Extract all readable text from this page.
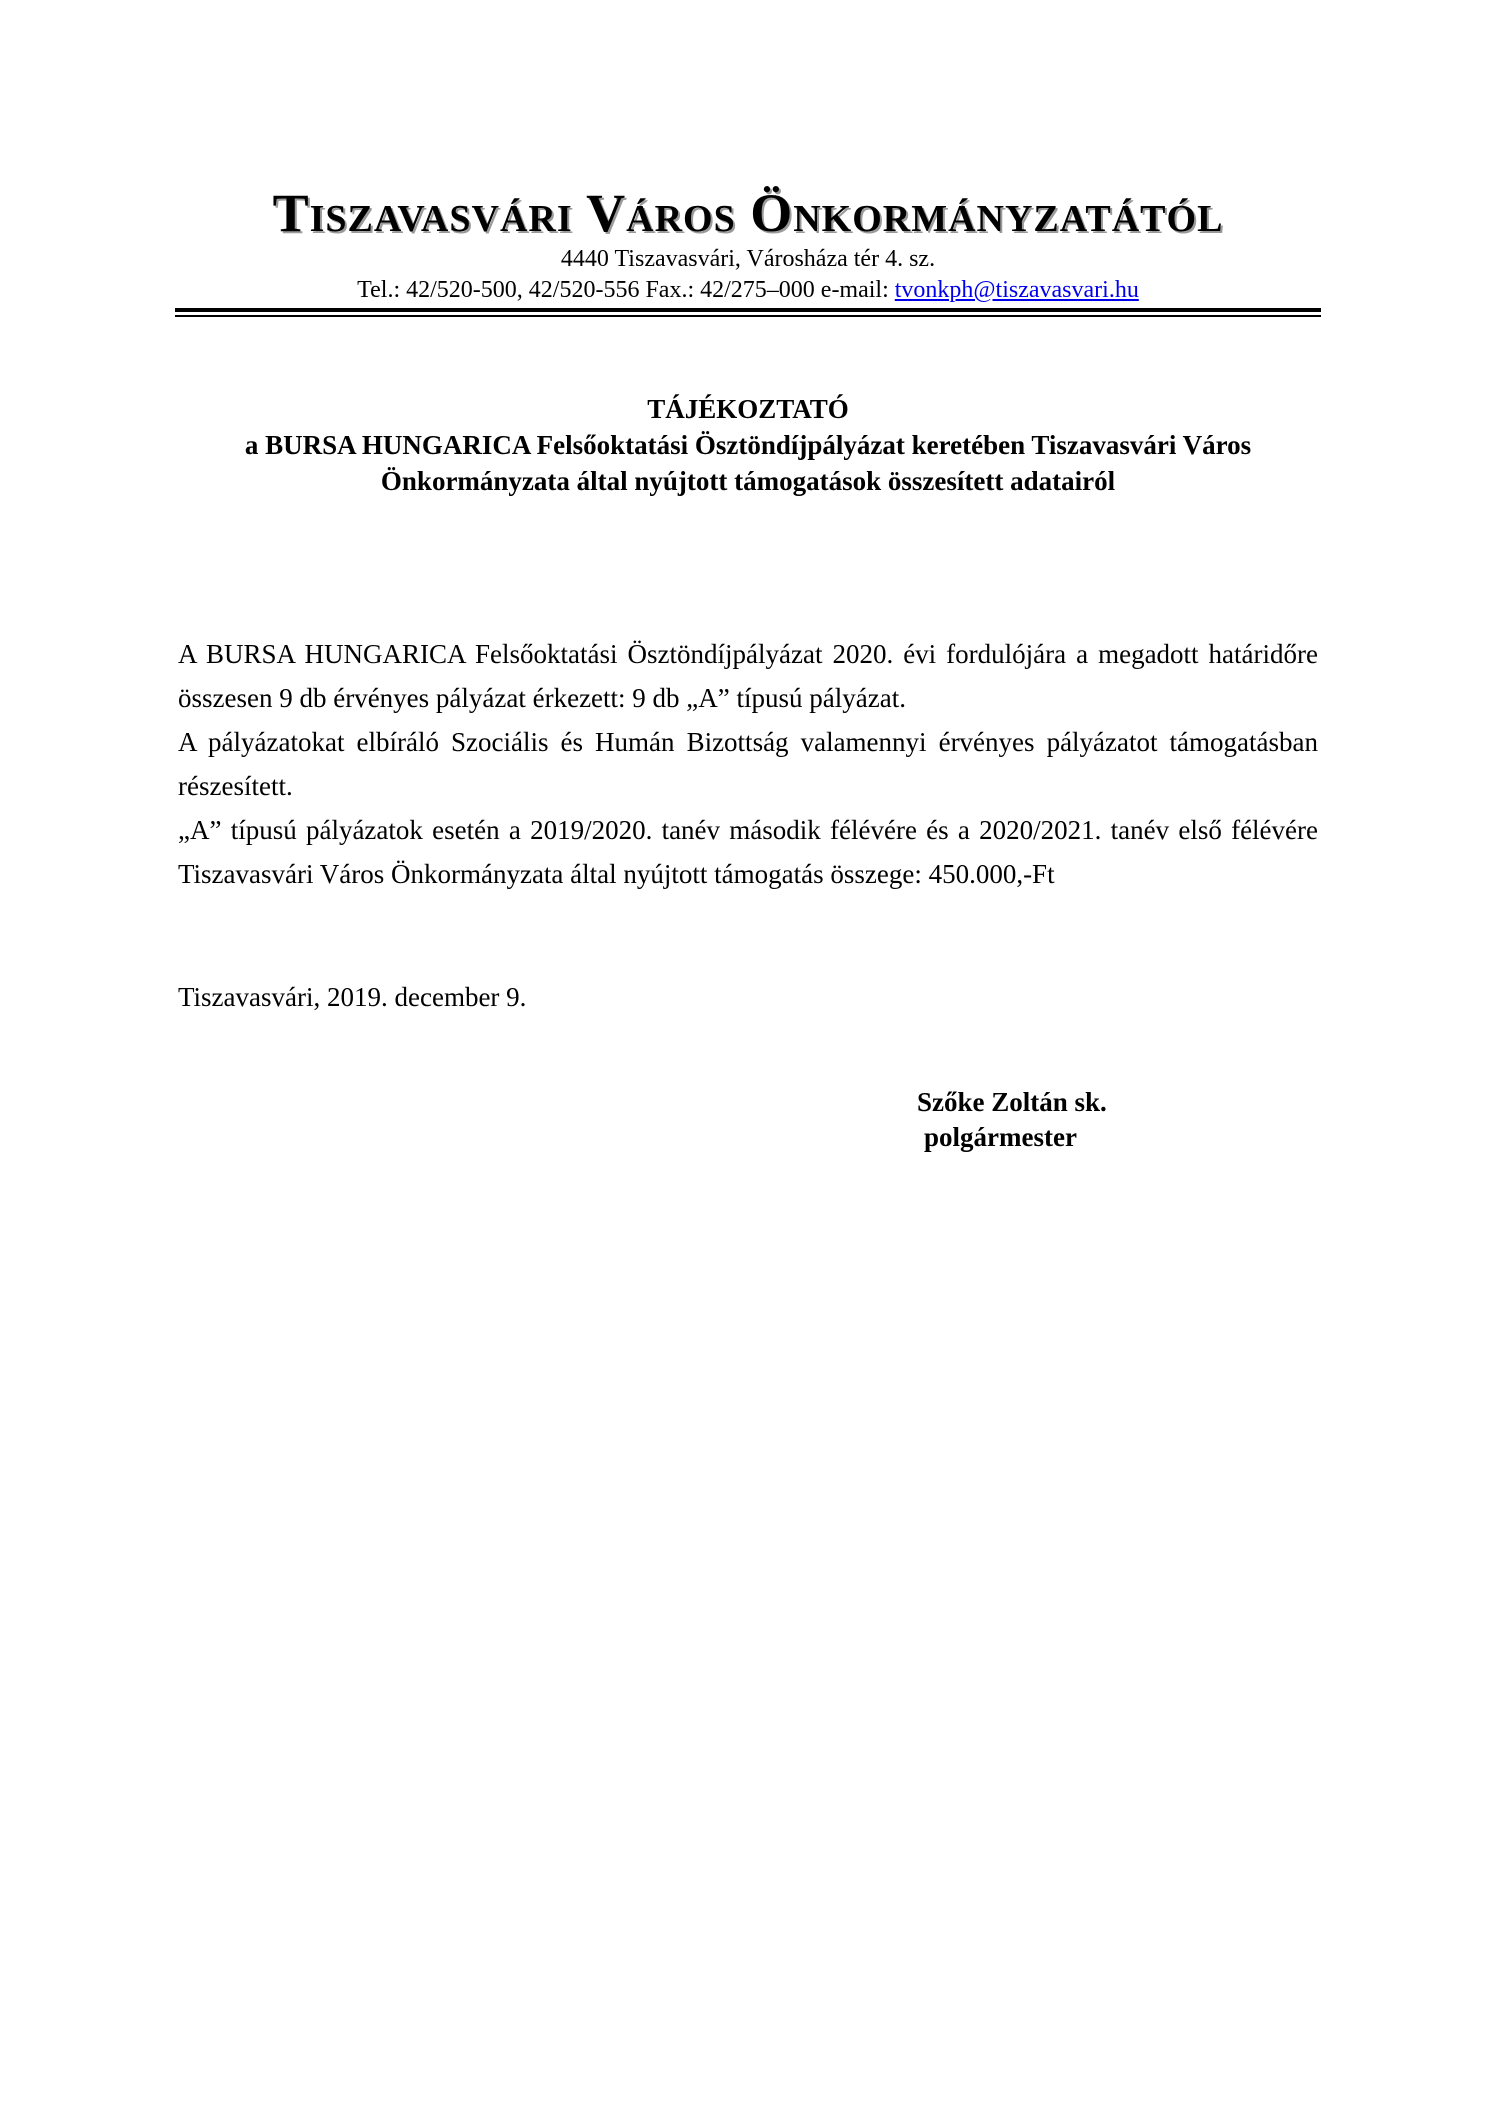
Tiszavasvári Város Önkormányzatától
4440 Tiszavasvári, Városháza tér 4. sz.
Tel.: 42/520-500, 42/520-556 Fax.: 42/275–000 e-mail: tvonkph@tiszavasvari.hu
TÁJÉKOZTATÓ
a BURSA HUNGARICA Felsőoktatási Ösztöndíjpályázat keretében Tiszavasvári Város Önkormányzata által nyújtott támogatások összesített adatairól

A BURSA HUNGARICA Felsőoktatási Ösztöndíjpályázat 2020. évi fordulójára a megadott határidőre összesen 9 db érvényes pályázat érkezett: 9 db „A” típusú pályázat.

A pályázatokat elbíráló Szociális és Humán Bizottság valamennyi érvényes pályázatot támogatásban részesített.

„A” típusú pályázatok esetén a 2019/2020. tanév második félévére és a 2020/2021. tanév első félévére Tiszavasvári Város Önkormányzata által nyújtott támogatás összege: 450.000,-Ft

Tiszavasvári, 2019. december 9.
Szőke Zoltán sk.
polgármester
